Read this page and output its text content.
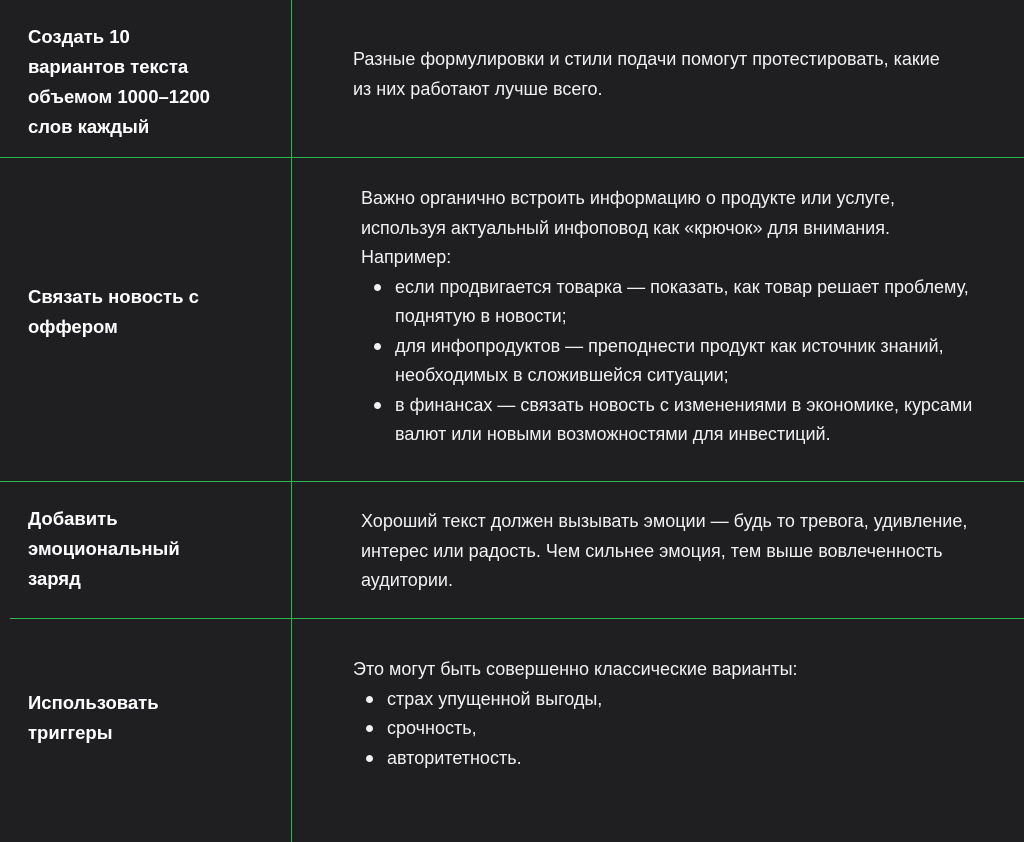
Создать 10
вариантов текста
объемом 1000–1200
слов каждый

Разные формулировки и стили подачи помогут протестировать, какие из них работают лучше всего.

Связать новость с
оффером

Важно органично встроить информацию о продукте или услуге, используя актуальный инфоповод как «крючок» для внимания. Например:

если продвигается товарка — показать, как товар решает проблему, поднятую в новости;
для инфопродуктов — преподнести продукт как источник знаний, необходимых в сложившейся ситуации;
в финансах — связать новость с изменениями в экономике, курсами валют или новыми возможностями для инвестиций.
Добавить
эмоциональный
заряд

Хороший текст должен вызывать эмоции — будь то тревога, удивление, интерес или радость. Чем сильнее эмоция, тем выше вовлеченность аудитории.

Использовать
триггеры

Это могут быть совершенно классические варианты:

страх упущенной выгоды,
срочность,
авторитетность.
